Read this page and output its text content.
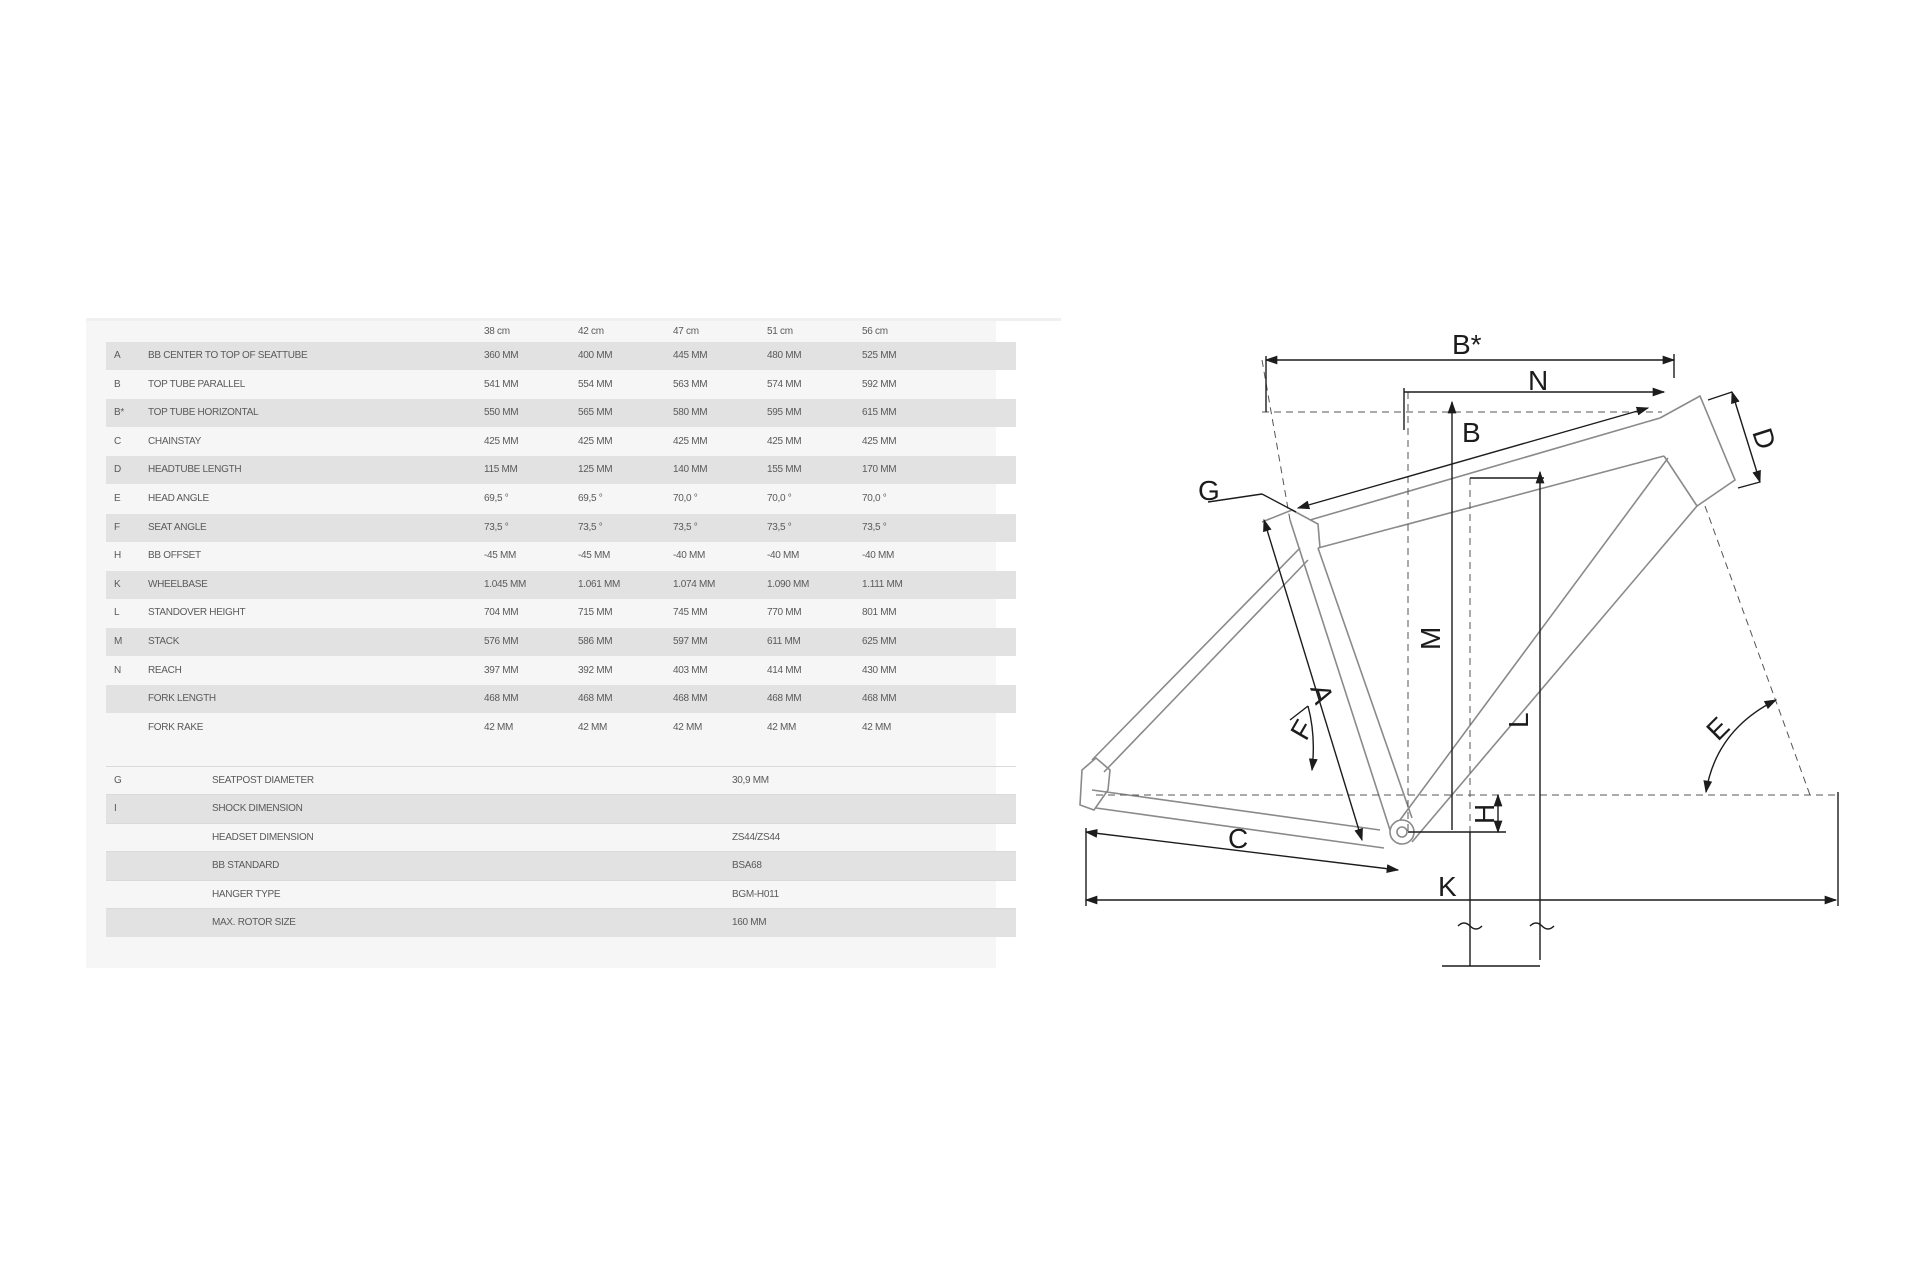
38 cm	42 cm	47 cm	51 cm	56 cm
A	BB CENTER TO TOP OF SEATTUBE	360 MM	400 MM	445 MM	480 MM	525 MM
B	TOP TUBE PARALLEL	541 MM	554 MM	563 MM	574 MM	592 MM
B* TOP TUBE HORIZONTAL	550 MM	565 MM	580 MM	595 MM	615 MM
C	CHAINSTAY	425 MM	425 MM	425 MM	425 MM	425 MM
D	HEADTUBE LENGTH	115 MM	125 MM	140 MM	155 MM	170 MM
E	HEAD ANGLE	69,5 °	69,5 °	70,0 °	70,0 °	70,0 °
F	SEAT ANGLE	73,5 °	73,5 °	73,5 °	73,5 °	73,5 °
H	BB OFFSET	-45 MM	-45 MM	-40 MM	-40 MM	-40 MM
K	WHEELBASE	1.045 MM	1.061 MM	1.074 MM	1.090 MM	1.111 MM
L	STANDOVER HEIGHT	704 MM	715 MM	745 MM	770 MM	801 MM
M	STACK	576 MM	586 MM	597 MM	611 MM	625 MM
N	REACH	397 MM	392 MM	403 MM	414 MM	430 MM
FORK LENGTH	468 MM	468 MM	468 MM	468 MM	468 MM
FORK RAKE	42 MM	42 MM	42 MM	42 MM	42 MM
G	SEATPOST DIAMETER	30,9 MM
I	SHOCK DIMENSION
HEADSET DIMENSION	ZS44/ZS44
BB STANDARD	BSA68
HANGER TYPE	BGM-H011
MAX. ROTOR SIZE	160 MM
B*
N
B	D
G
M
A
L
F	E
H
C
K
